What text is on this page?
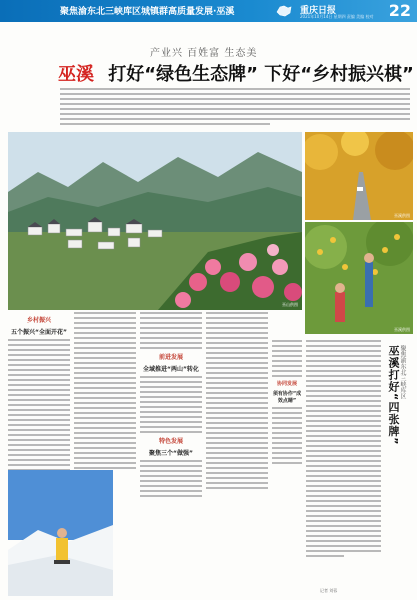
聚焦渝东北三峡库区城镇群高质量发展·巫溪	重庆日报
2021年10月14日 星期四 责编 美编 校对 22
产业兴 百姓富 生态美
巫溪 打好“绿色生态牌” 下好“乡村振兴棋”
巫山供图
巫溪供图
巫溪供图
乡村振兴
五个振兴“全面开花”
前进发展
全域推进“两山”转化
特色发展
聚焦三个“做强”
协同发展
须有协作“成效点睛”	巫溪打好“四张牌” 聚焦渝东北三峡库区
记者 刘蓉
